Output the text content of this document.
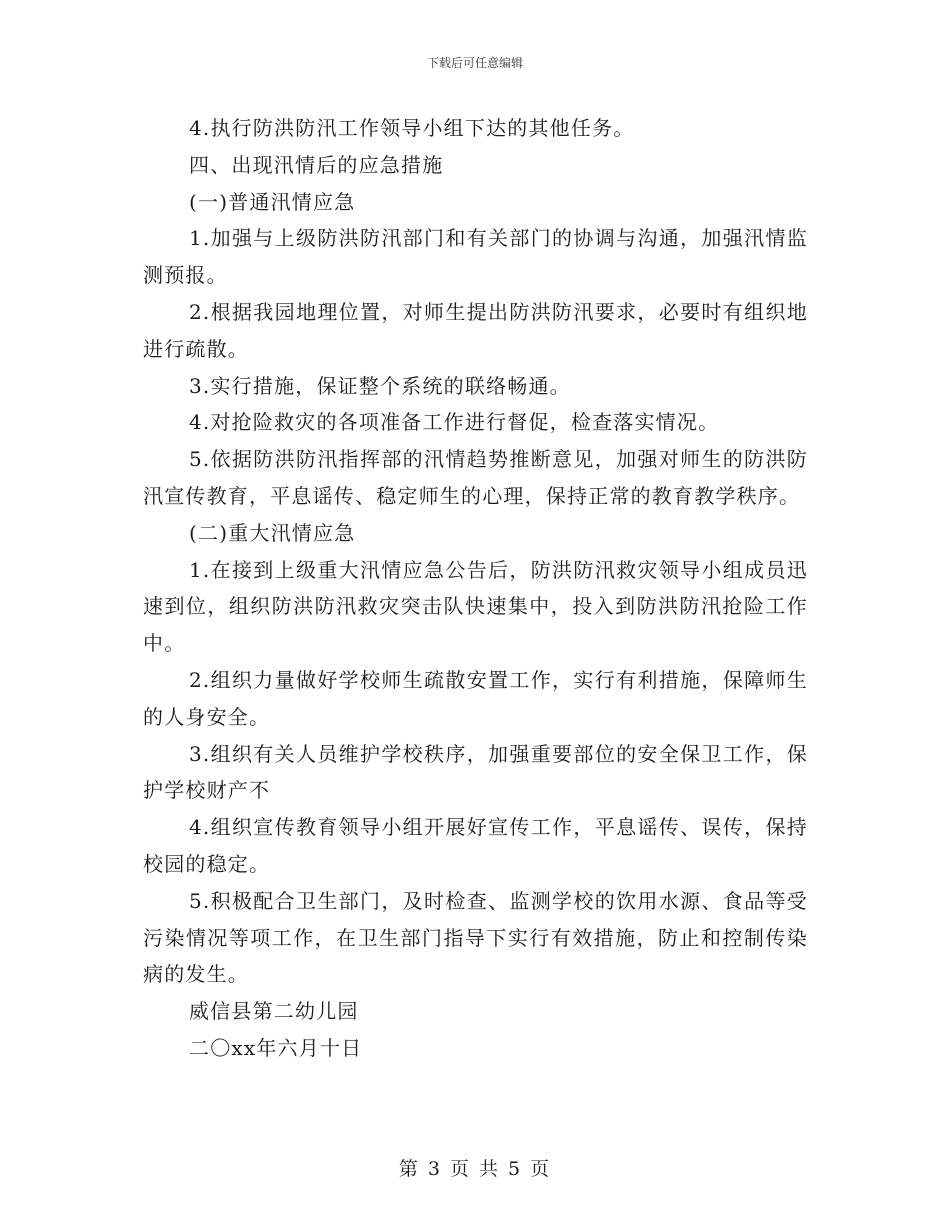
下载后可任意编辑

4.执行防洪防汛工作领导小组下达的其他任务。

四、出现汛情后的应急措施

(一)普通汛情应急

1.加强与上级防洪防汛部门和有关部门的协调与沟通，加强汛情监测预报。

2.根据我园地理位置，对师生提出防洪防汛要求，必要时有组织地进行疏散。

3.实行措施，保证整个系统的联络畅通。

4.对抢险救灾的各项准备工作进行督促，检查落实情况。

5.依据防洪防汛指挥部的汛情趋势推断意见，加强对师生的防洪防汛宣传教育，平息谣传、稳定师生的心理，保持正常的教育教学秩序。

(二)重大汛情应急

1.在接到上级重大汛情应急公告后，防洪防汛救灾领导小组成员迅速到位，组织防洪防汛救灾突击队快速集中，投入到防洪防汛抢险工作中。

2.组织力量做好学校师生疏散安置工作，实行有利措施，保障师生的人身安全。

3.组织有关人员维护学校秩序，加强重要部位的安全保卫工作，保护学校财产不

4.组织宣传教育领导小组开展好宣传工作，平息谣传、误传，保持校园的稳定。

5.积极配合卫生部门，及时检查、监测学校的饮用水源、食品等受污染情况等项工作，在卫生部门指导下实行有效措施，防止和控制传染病的发生。

威信县第二幼儿园

二〇xx年六月十日

第 3 页 共 5 页
